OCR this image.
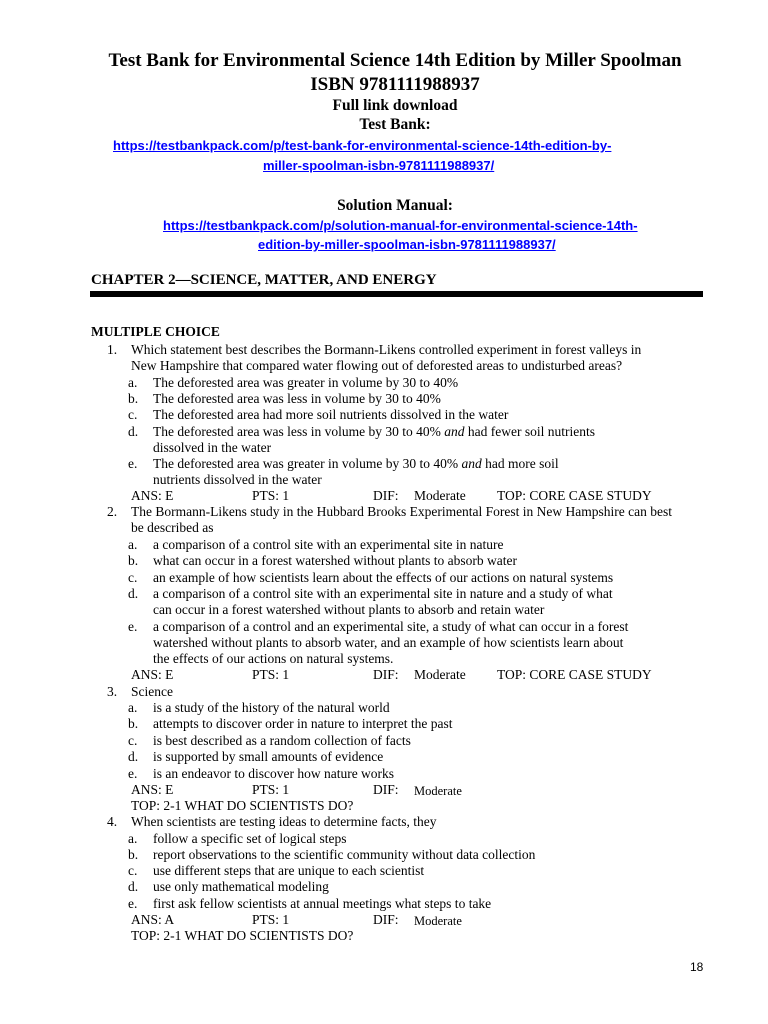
Test Bank for Environmental Science 14th Edition by Miller Spoolman
ISBN 9781111988937
Full link download
Test Bank:
https://testbankpack.com/p/test-bank-for-environmental-science-14th-edition-by-
miller-spoolman-isbn-9781111988937/
Solution Manual:
https://testbankpack.com/p/solution-manual-for-environmental-science-14th-
edition-by-miller-spoolman-isbn-9781111988937/
CHAPTER 2—SCIENCE, MATTER, AND ENERGY
MULTIPLE CHOICE
1. Which statement best describes the Bormann-Likens controlled experiment in forest valleys in
New Hampshire that compared water flowing out of deforested areas to undisturbed areas?
a. The deforested area was greater in volume by 30 to 40%
b. The deforested area was less in volume by 30 to 40%
c. The deforested area had more soil nutrients dissolved in the water
d. The deforested area was less in volume by 30 to 40% and had fewer soil nutrients
dissolved in the water
e. The deforested area was greater in volume by 30 to 40% and had more soil
nutrients dissolved in the water
ANS: E	PTS: 1	DIF: Moderate TOP: CORE CASE STUDY
2. The Bormann-Likens study in the Hubbard Brooks Experimental Forest in New Hampshire can best
be described as
a. a comparison of a control site with an experimental site in nature
b. what can occur in a forest watershed without plants to absorb water
c. an example of how scientists learn about the effects of our actions on natural systems
d. a comparison of a control site with an experimental site in nature and a study of what
can occur in a forest watershed without plants to absorb and retain water
e. a comparison of a control and an experimental site, a study of what can occur in a forest
watershed without plants to absorb water, and an example of how scientists learn about
the effects of our actions on natural systems.
ANS: E	PTS: 1	DIF: Moderate TOP: CORE CASE STUDY
3. Science
a. is a study of the history of the natural world
b. attempts to discover order in nature to interpret the past
c. is best described as a random collection of facts
d. is supported by small amounts of evidence
e. is an endeavor to discover how nature works
ANS: E	PTS: 1	DIF: Moderate
TOP: 2-1 WHAT DO SCIENTISTS DO?
4. When scientists are testing ideas to determine facts, they
a. follow a specific set of logical steps
b. report observations to the scientific community without data collection
c. use different steps that are unique to each scientist
d. use only mathematical modeling
e. first ask fellow scientists at annual meetings what steps to take
ANS: A	PTS: 1	DIF: Moderate
TOP: 2-1 WHAT DO SCIENTISTS DO?
18
